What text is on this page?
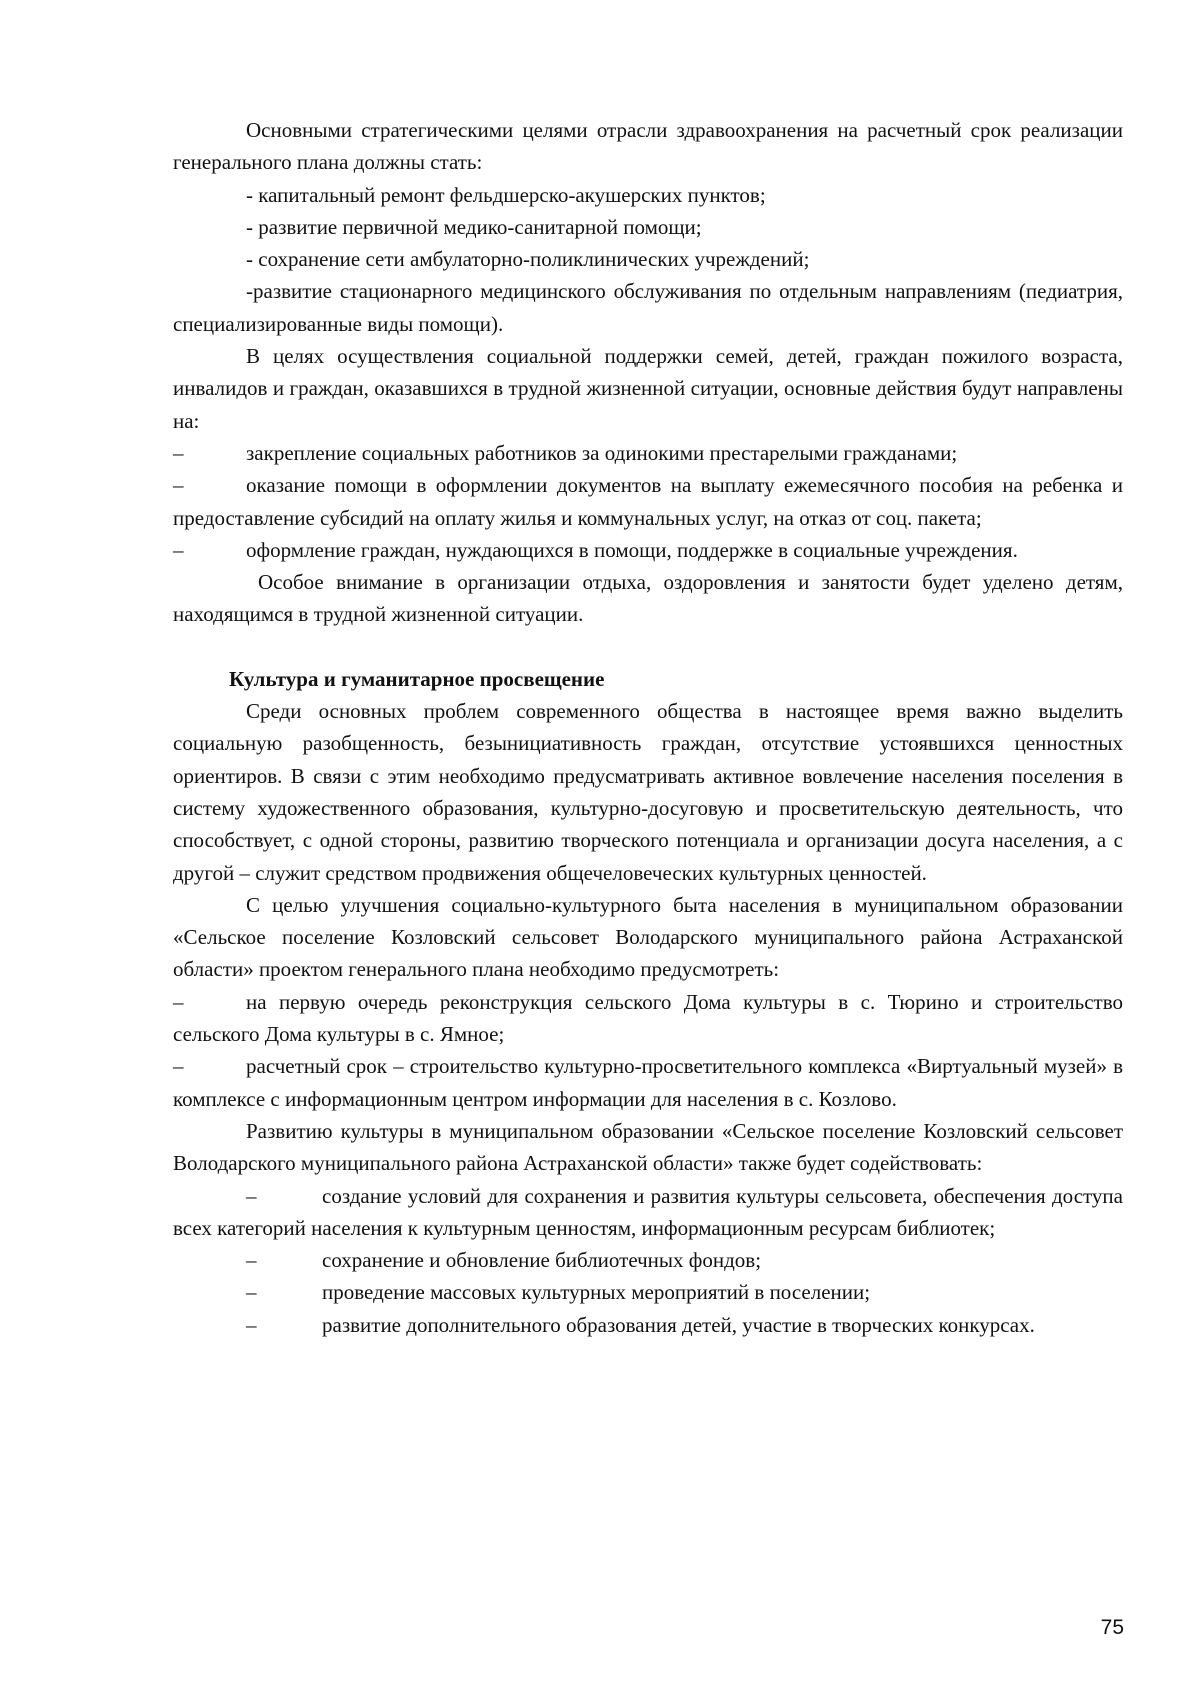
Основными стратегическими целями отрасли здравоохранения на расчетный срок реализации генерального плана должны стать:

- капитальный ремонт фельдшерско-акушерских пунктов;

- развитие первичной медико-санитарной помощи;

- сохранение сети амбулаторно-поликлинических учреждений;

-развитие стационарного медицинского обслуживания по отдельным направлениям (педиатрия, специализированные виды помощи).

В целях осуществления социальной поддержки семей, детей, граждан пожилого возраста, инвалидов и граждан, оказавшихся в трудной жизненной ситуации, основные действия будут направлены на:

–	закрепление социальных работников за одинокими престарелыми гражданами;

–	оказание помощи в оформлении документов на выплату ежемесячного пособия на ребенка и предоставление субсидий на оплату жилья и коммунальных услуг, на отказ от соц. пакета;

–	оформление граждан, нуждающихся в помощи, поддержке в социальные учреждения.

Особое внимание в организации отдыха, оздоровления и занятости будет уделено детям, находящимся в трудной жизненной ситуации.

Культура и гуманитарное просвещение

Среди основных проблем современного общества в настоящее время важно выделить социальную разобщенность, безынициативность граждан, отсутствие устоявшихся ценностных ориентиров. В связи с этим необходимо предусматривать активное вовлечение населения поселения в систему художественного образования, культурно-досуговую и просветительскую деятельность, что способствует, с одной стороны, развитию творческого потенциала и организации досуга населения, а с другой – служит средством продвижения общечеловеческих культурных ценностей.

С целью улучшения социально-культурного быта населения в муниципальном образовании «Сельское поселение Козловский сельсовет Володарского муниципального района Астраханской области» проектом генерального плана необходимо предусмотреть:

–	на первую очередь реконструкция сельского Дома культуры в с. Тюрино и строительство сельского Дома культуры в с. Ямное;

–	расчетный срок – строительство культурно-просветительного комплекса «Виртуальный музей» в комплексе с информационным центром информации для населения в с. Козлово.

Развитию культуры в муниципальном образовании «Сельское поселение Козловский сельсовет Володарского муниципального района Астраханской области» также будет содействовать:

–	создание условий для сохранения и развития культуры сельсовета, обеспечения доступа всех категорий населения к культурным ценностям, информационным ресурсам библиотек;

–	сохранение и обновление библиотечных фондов;

–	проведение массовых культурных мероприятий в поселении;

–	развитие дополнительного образования детей, участие в творческих конкурсах.

75
